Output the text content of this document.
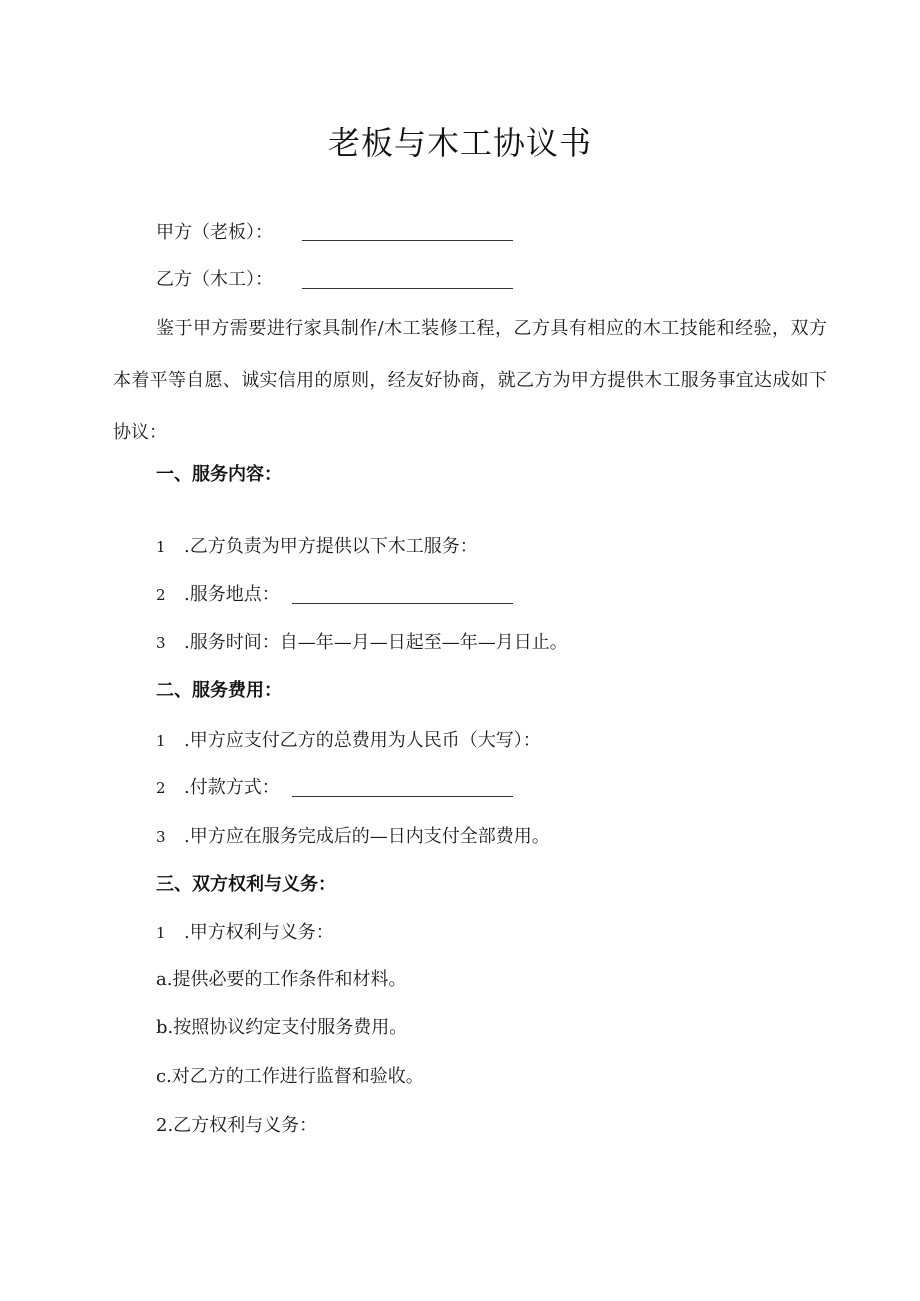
老板与木工协议书
甲方（老板）：
乙方（木工）：
鉴于甲方需要进行家具制作/木工装修工程，乙方具有相应的木工技能和经验，双方本着平等自愿、诚实信用的原则，经友好协商，就乙方为甲方提供木工服务事宜达成如下协议：
一、服务内容：
1 .乙方负责为甲方提供以下木工服务：
2 .服务地点：
3 .服务时间：自—年—月—日起至—年—月日止。
二、服务费用：
1 .甲方应支付乙方的总费用为人民币（大写）：
2 .付款方式：
3 .甲方应在服务完成后的—日内支付全部费用。
三、双方权利与义务：
1 .甲方权利与义务：
a.提供必要的工作条件和材料。
b.按照协议约定支付服务费用。
c.对乙方的工作进行监督和验收。
2.乙方权利与义务：
